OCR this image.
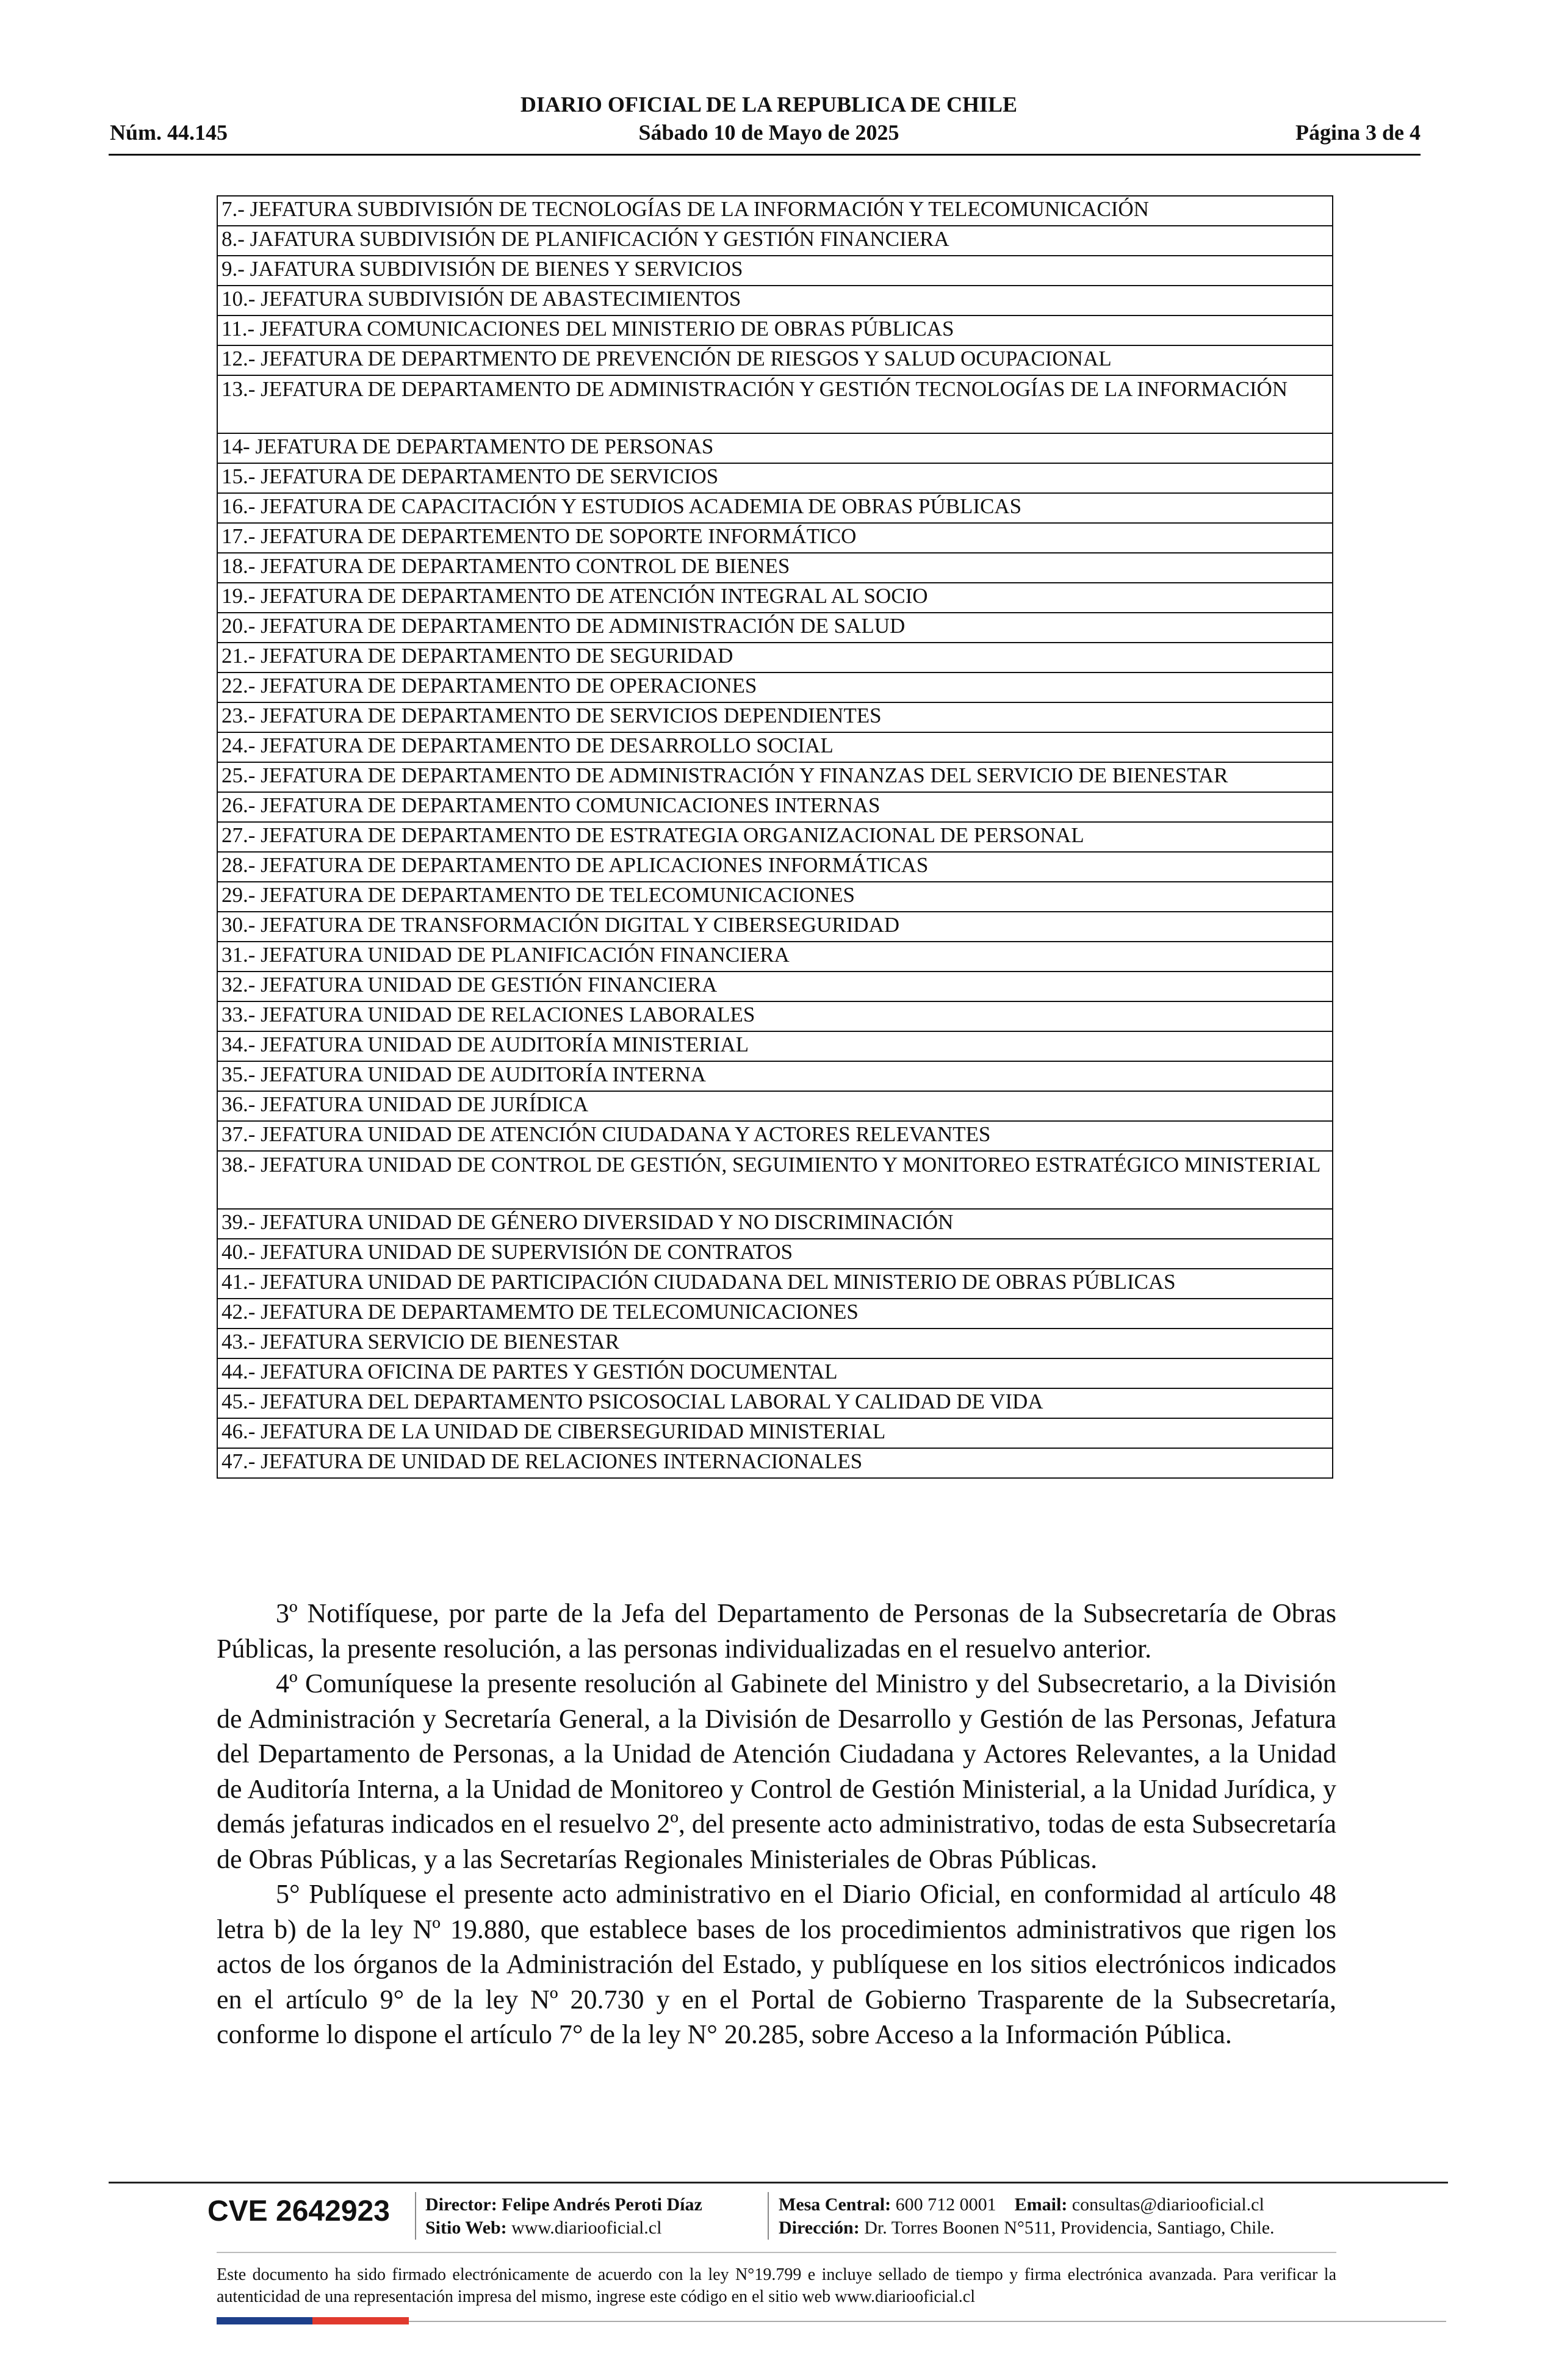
DIARIO OFICIAL DE LA REPUBLICA DE CHILE
Núm. 44.145	Sábado 10 de Mayo de 2025	Página 3 de 4
7.- JEFATURA SUBDIVISIÓN DE TECNOLOGÍAS DE LA INFORMACIÓN Y TELECOMUNICACIÓN
8.- JAFATURA SUBDIVISIÓN DE PLANIFICACIÓN Y GESTIÓN FINANCIERA
9.- JAFATURA SUBDIVISIÓN DE BIENES Y SERVICIOS
10.- JEFATURA SUBDIVISIÓN DE ABASTECIMIENTOS
11.- JEFATURA COMUNICACIONES DEL MINISTERIO DE OBRAS PÚBLICAS
12.- JEFATURA DE DEPARTMENTO DE PREVENCIÓN DE RIESGOS Y SALUD OCUPACIONAL
13.- JEFATURA DE DEPARTAMENTO DE ADMINISTRACIÓN Y GESTIÓN TECNOLOGÍAS DE LA INFORMACIÓN
14- JEFATURA DE DEPARTAMENTO DE PERSONAS
15.- JEFATURA DE DEPARTAMENTO DE SERVICIOS
16.- JEFATURA DE CAPACITACIÓN Y ESTUDIOS ACADEMIA DE OBRAS PÚBLICAS
17.- JEFATURA DE DEPARTEMENTO DE SOPORTE INFORMÁTICO
18.- JEFATURA DE DEPARTAMENTO CONTROL DE BIENES
19.- JEFATURA DE DEPARTAMENTO DE ATENCIÓN INTEGRAL AL SOCIO
20.- JEFATURA DE DEPARTAMENTO DE ADMINISTRACIÓN DE SALUD
21.- JEFATURA DE DEPARTAMENTO DE SEGURIDAD
22.- JEFATURA DE DEPARTAMENTO DE OPERACIONES
23.- JEFATURA DE DEPARTAMENTO DE SERVICIOS DEPENDIENTES
24.- JEFATURA DE DEPARTAMENTO DE DESARROLLO SOCIAL
25.- JEFATURA DE DEPARTAMENTO DE ADMINISTRACIÓN Y FINANZAS DEL SERVICIO DE BIENESTAR
26.- JEFATURA DE DEPARTAMENTO COMUNICACIONES INTERNAS
27.- JEFATURA DE DEPARTAMENTO DE ESTRATEGIA ORGANIZACIONAL DE PERSONAL
28.- JEFATURA DE DEPARTAMENTO DE APLICACIONES INFORMÁTICAS
29.- JEFATURA DE DEPARTAMENTO DE TELECOMUNICACIONES
30.- JEFATURA DE TRANSFORMACIÓN DIGITAL Y CIBERSEGURIDAD
31.- JEFATURA UNIDAD DE PLANIFICACIÓN FINANCIERA
32.- JEFATURA UNIDAD DE GESTIÓN FINANCIERA
33.- JEFATURA UNIDAD DE RELACIONES LABORALES
34.- JEFATURA UNIDAD DE AUDITORÍA MINISTERIAL
35.- JEFATURA UNIDAD DE AUDITORÍA INTERNA
36.- JEFATURA UNIDAD DE JURÍDICA
37.- JEFATURA UNIDAD DE ATENCIÓN CIUDADANA Y ACTORES RELEVANTES
38.- JEFATURA UNIDAD DE CONTROL DE GESTIÓN, SEGUIMIENTO Y MONITOREO ESTRATÉGICO MINISTERIAL
39.- JEFATURA UNIDAD DE GÉNERO DIVERSIDAD Y NO DISCRIMINACIÓN
40.- JEFATURA UNIDAD DE SUPERVISIÓN DE CONTRATOS
41.- JEFATURA UNIDAD DE PARTICIPACIÓN CIUDADANA DEL MINISTERIO DE OBRAS PÚBLICAS
42.- JEFATURA DE DEPARTAMEMTO DE TELECOMUNICACIONES
43.- JEFATURA SERVICIO DE BIENESTAR
44.- JEFATURA OFICINA DE PARTES Y GESTIÓN DOCUMENTAL
45.- JEFATURA DEL DEPARTAMENTO PSICOSOCIAL LABORAL Y CALIDAD DE VIDA
46.- JEFATURA DE LA UNIDAD DE CIBERSEGURIDAD MINISTERIAL
47.- JEFATURA DE UNIDAD DE RELACIONES INTERNACIONALES

3º Notifíquese, por parte de la Jefa del Departamento de Personas de la Subsecretaría de Obras Públicas, la presente resolución, a las personas individualizadas en el resuelvo anterior.

4º Comuníquese la presente resolución al Gabinete del Ministro y del Subsecretario, a la División de Administración y Secretaría General, a la División de Desarrollo y Gestión de las Personas, Jefatura del Departamento de Personas, a la Unidad de Atención Ciudadana y Actores Relevantes, a la Unidad de Auditoría Interna, a la Unidad de Monitoreo y Control de Gestión Ministerial, a la Unidad Jurídica, y demás jefaturas indicados en el resuelvo 2º, del presente acto administrativo, todas de esta Subsecretaría de Obras Públicas, y a las Secretarías Regionales Ministeriales de Obras Públicas.

5° Publíquese el presente acto administrativo en el Diario Oficial, en conformidad al artículo 48 letra b) de la ley Nº 19.880, que establece bases de los procedimientos administrativos que rigen los actos de los órganos de la Administración del Estado, y publíquese en los sitios electrónicos indicados en el artículo 9° de la ley Nº 20.730 y en el Portal de Gobierno Trasparente de la Subsecretaría, conforme lo dispone el artículo 7° de la ley N° 20.285, sobre Acceso a la Información Pública.

CVE 2642923 Director: Felipe Andrés Peroti Díaz
Sitio Web: www.diariooficial.cl
Mesa Central: 600 712 0001 Email: consultas@diariooficial.cl
Dirección: Dr. Torres Boonen N°511, Providencia, Santiago, Chile.
Este documento ha sido firmado electrónicamente de acuerdo con la ley N°19.799 e incluye sellado de tiempo y firma electrónica avanzada. Para verificar la autenticidad de una representación impresa del mismo, ingrese este código en el sitio web www.diariooficial.cl
